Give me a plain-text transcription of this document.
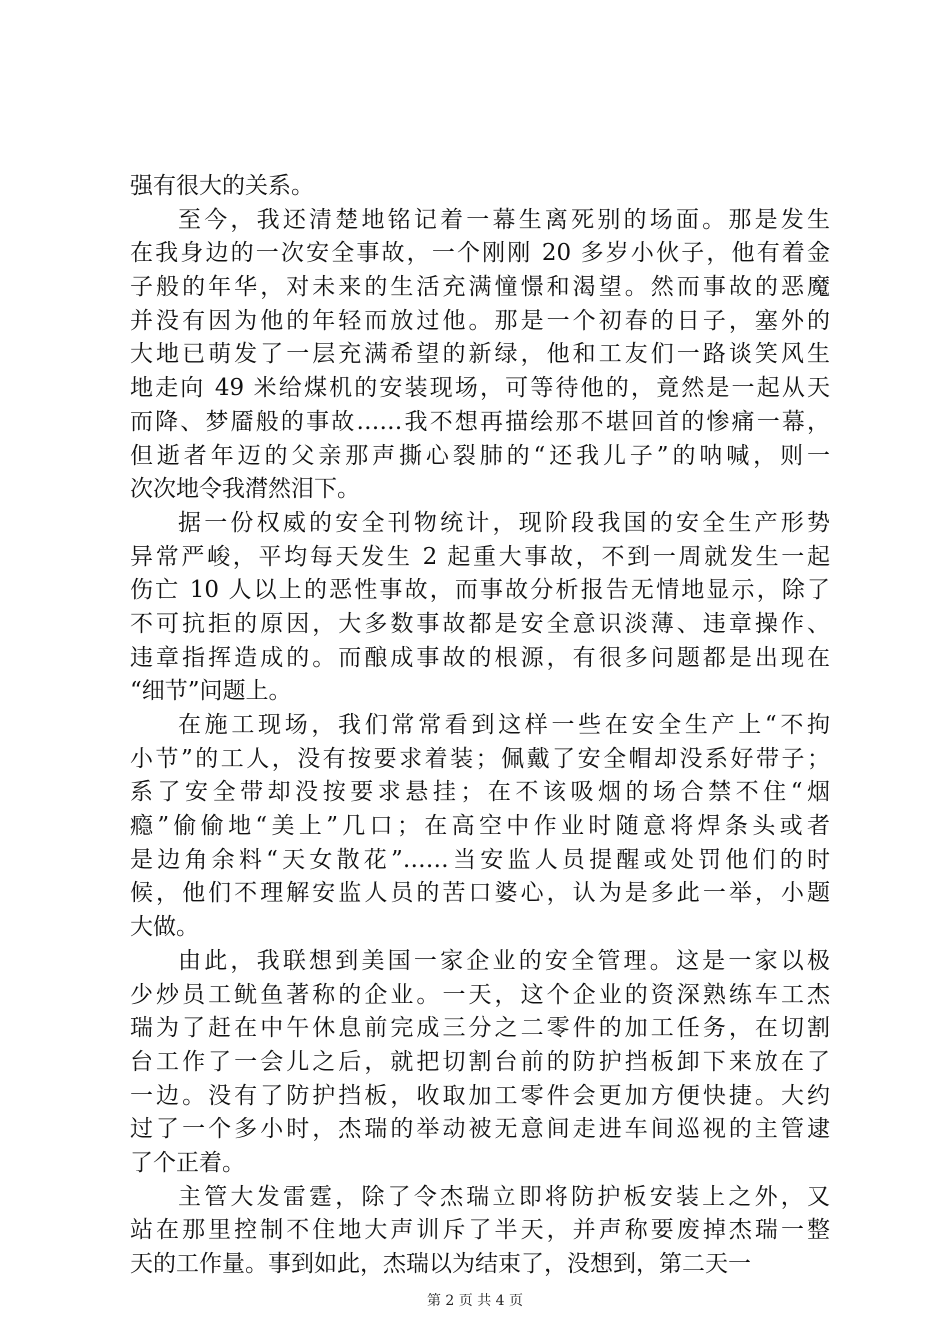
强有很大的关系。
至今，我还清楚地铭记着一幕生离死别的场面。那是发生
在我身边的一次安全事故，一个刚刚 20 多岁小伙子，他有着金
子般的年华，对未来的生活充满憧憬和渴望。然而事故的恶魔
并没有因为他的年轻而放过他。那是一个初春的日子，塞外的
大地已萌发了一层充满希望的新绿，他和工友们一路谈笑风生
地走向 49 米给煤机的安装现场，可等待他的，竟然是一起从天
而降、梦靥般的事故……我不想再描绘那不堪回首的惨痛一幕，
但逝者年迈的父亲那声撕心裂肺的“还我儿子”的呐喊，则一
次次地令我潸然泪下。
据一份权威的安全刊物统计，现阶段我国的安全生产形势
异常严峻，平均每天发生 2 起重大事故，不到一周就发生一起
伤亡 10 人以上的恶性事故，而事故分析报告无情地显示，除了
不可抗拒的原因，大多数事故都是安全意识淡薄、违章操作、
违章指挥造成的。而酿成事故的根源，有很多问题都是出现在
“细节”问题上。
在施工现场，我们常常看到这样一些在安全生产上“不拘
小节”的工人，没有按要求着装；佩戴了安全帽却没系好带子；
系了安全带却没按要求悬挂；在不该吸烟的场合禁不住“烟
瘾”偷偷地“美上”几口；在高空中作业时随意将焊条头或者
是边角余料“天女散花”……当安监人员提醒或处罚他们的时
候，他们不理解安监人员的苦口婆心，认为是多此一举，小题
大做。
由此，我联想到美国一家企业的安全管理。这是一家以极
少炒员工鱿鱼著称的企业。一天，这个企业的资深熟练车工杰
瑞为了赶在中午休息前完成三分之二零件的加工任务，在切割
台工作了一会儿之后，就把切割台前的防护挡板卸下来放在了
一边。没有了防护挡板，收取加工零件会更加方便快捷。大约
过了一个多小时，杰瑞的举动被无意间走进车间巡视的主管逮
了个正着。
主管大发雷霆，除了令杰瑞立即将防护板安装上之外，又
站在那里控制不住地大声训斥了半天，并声称要废掉杰瑞一整
天的工作量。事到如此，杰瑞以为结束了，没想到，第二天一
第 2 页 共 4 页
